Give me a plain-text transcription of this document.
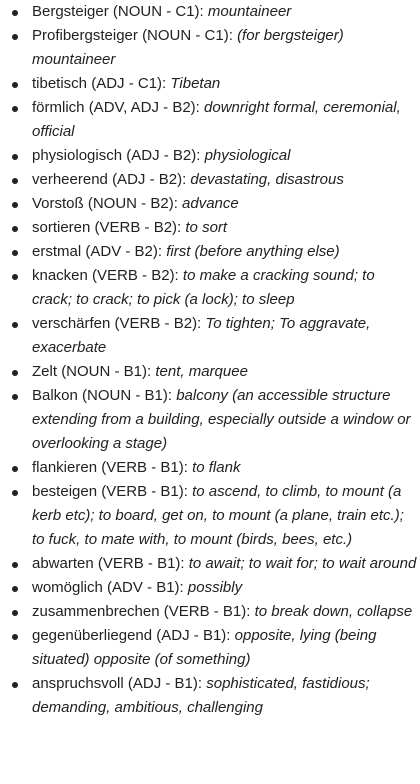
Bergsteiger (NOUN - C1): mountaineer
Profibergsteiger (NOUN - C1): (for bergsteiger) mountaineer
tibetisch (ADJ - C1): Tibetan
förmlich (ADV, ADJ - B2): downright formal, ceremonial, official
physiologisch (ADJ - B2): physiological
verheerend (ADJ - B2): devastating, disastrous
Vorstoß (NOUN - B2): advance
sortieren (VERB - B2): to sort
erstmal (ADV - B2): first (before anything else)
knacken (VERB - B2): to make a cracking sound; to crack; to crack; to pick (a lock); to sleep
verschärfen (VERB - B2): To tighten; To aggravate, exacerbate
Zelt (NOUN - B1): tent, marquee
Balkon (NOUN - B1): balcony (an accessible structure extending from a building, especially outside a window or overlooking a stage)
flankieren (VERB - B1): to flank
besteigen (VERB - B1): to ascend, to climb, to mount (a kerb etc); to board, get on, to mount (a plane, train etc.); to fuck, to mate with, to mount (birds, bees, etc.)
abwarten (VERB - B1): to await; to wait for; to wait around
womöglich (ADV - B1): possibly
zusammenbrechen (VERB - B1): to break down, collapse
gegenüberliegend (ADJ - B1): opposite, lying (being situated) opposite (of something)
anspruchsvoll (ADJ - B1): sophisticated, fastidious; demanding, ambitious, challenging
